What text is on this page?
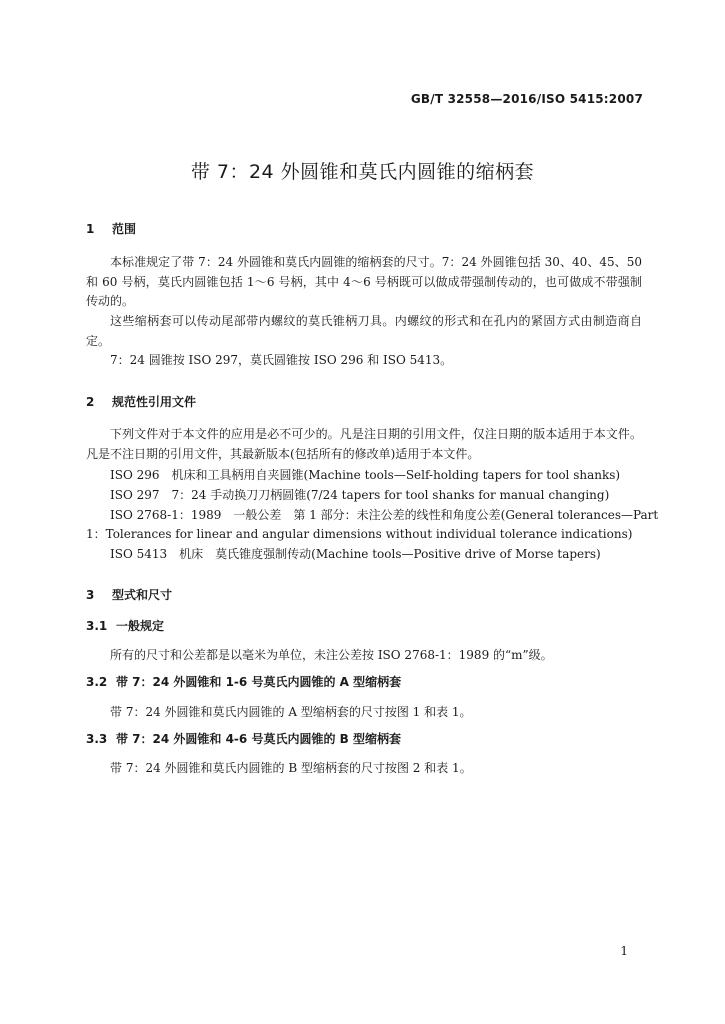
GB/T 32558—2016/ISO 5415:2007
带 7：24 外圆锥和莫氏内圆锥的缩柄套
1 范围
本标准规定了带 7：24 外圆锥和莫氏内圆锥的缩柄套的尺寸。7：24 外圆锥包括 30、40、45、50 和 60 号柄，莫氏内圆锥包括 1～6 号柄，其中 4～6 号柄既可以做成带强制传动的，也可做成不带强制传动的。
这些缩柄套可以传动尾部带内螺纹的莫氏锥柄刀具。内螺纹的形式和在孔内的紧固方式由制造商自定。
7：24 圆锥按 ISO 297，莫氏圆锥按 ISO 296 和 ISO 5413。
2 规范性引用文件
下列文件对于本文件的应用是必不可少的。凡是注日期的引用文件，仅注日期的版本适用于本文件。凡是不注日期的引用文件，其最新版本(包括所有的修改单)适用于本文件。
ISO 296　机床和工具柄用自夹圆锥(Machine tools—Self-holding tapers for tool shanks)
ISO 297　7：24 手动换刀刀柄圆锥(7/24 tapers for tool shanks for manual changing)
ISO 2768-1：1989　一般公差　第 1 部分：未注公差的线性和角度公差(General tolerances—Part
1：Tolerances for linear and angular dimensions without individual tolerance indications)
ISO 5413　机床　莫氏锥度强制传动(Machine tools—Positive drive of Morse tapers)
3 型式和尺寸
3.1 一般规定
所有的尺寸和公差都是以毫米为单位，未注公差按 ISO 2768-1：1989 的“m”级。
3.2 带 7：24 外圆锥和 1-6 号莫氏内圆锥的 A 型缩柄套
带 7：24 外圆锥和莫氏内圆锥的 A 型缩柄套的尺寸按图 1 和表 1。
3.3 带 7：24 外圆锥和 4-6 号莫氏内圆锥的 B 型缩柄套
带 7：24 外圆锥和莫氏内圆锥的 B 型缩柄套的尺寸按图 2 和表 1。
1
